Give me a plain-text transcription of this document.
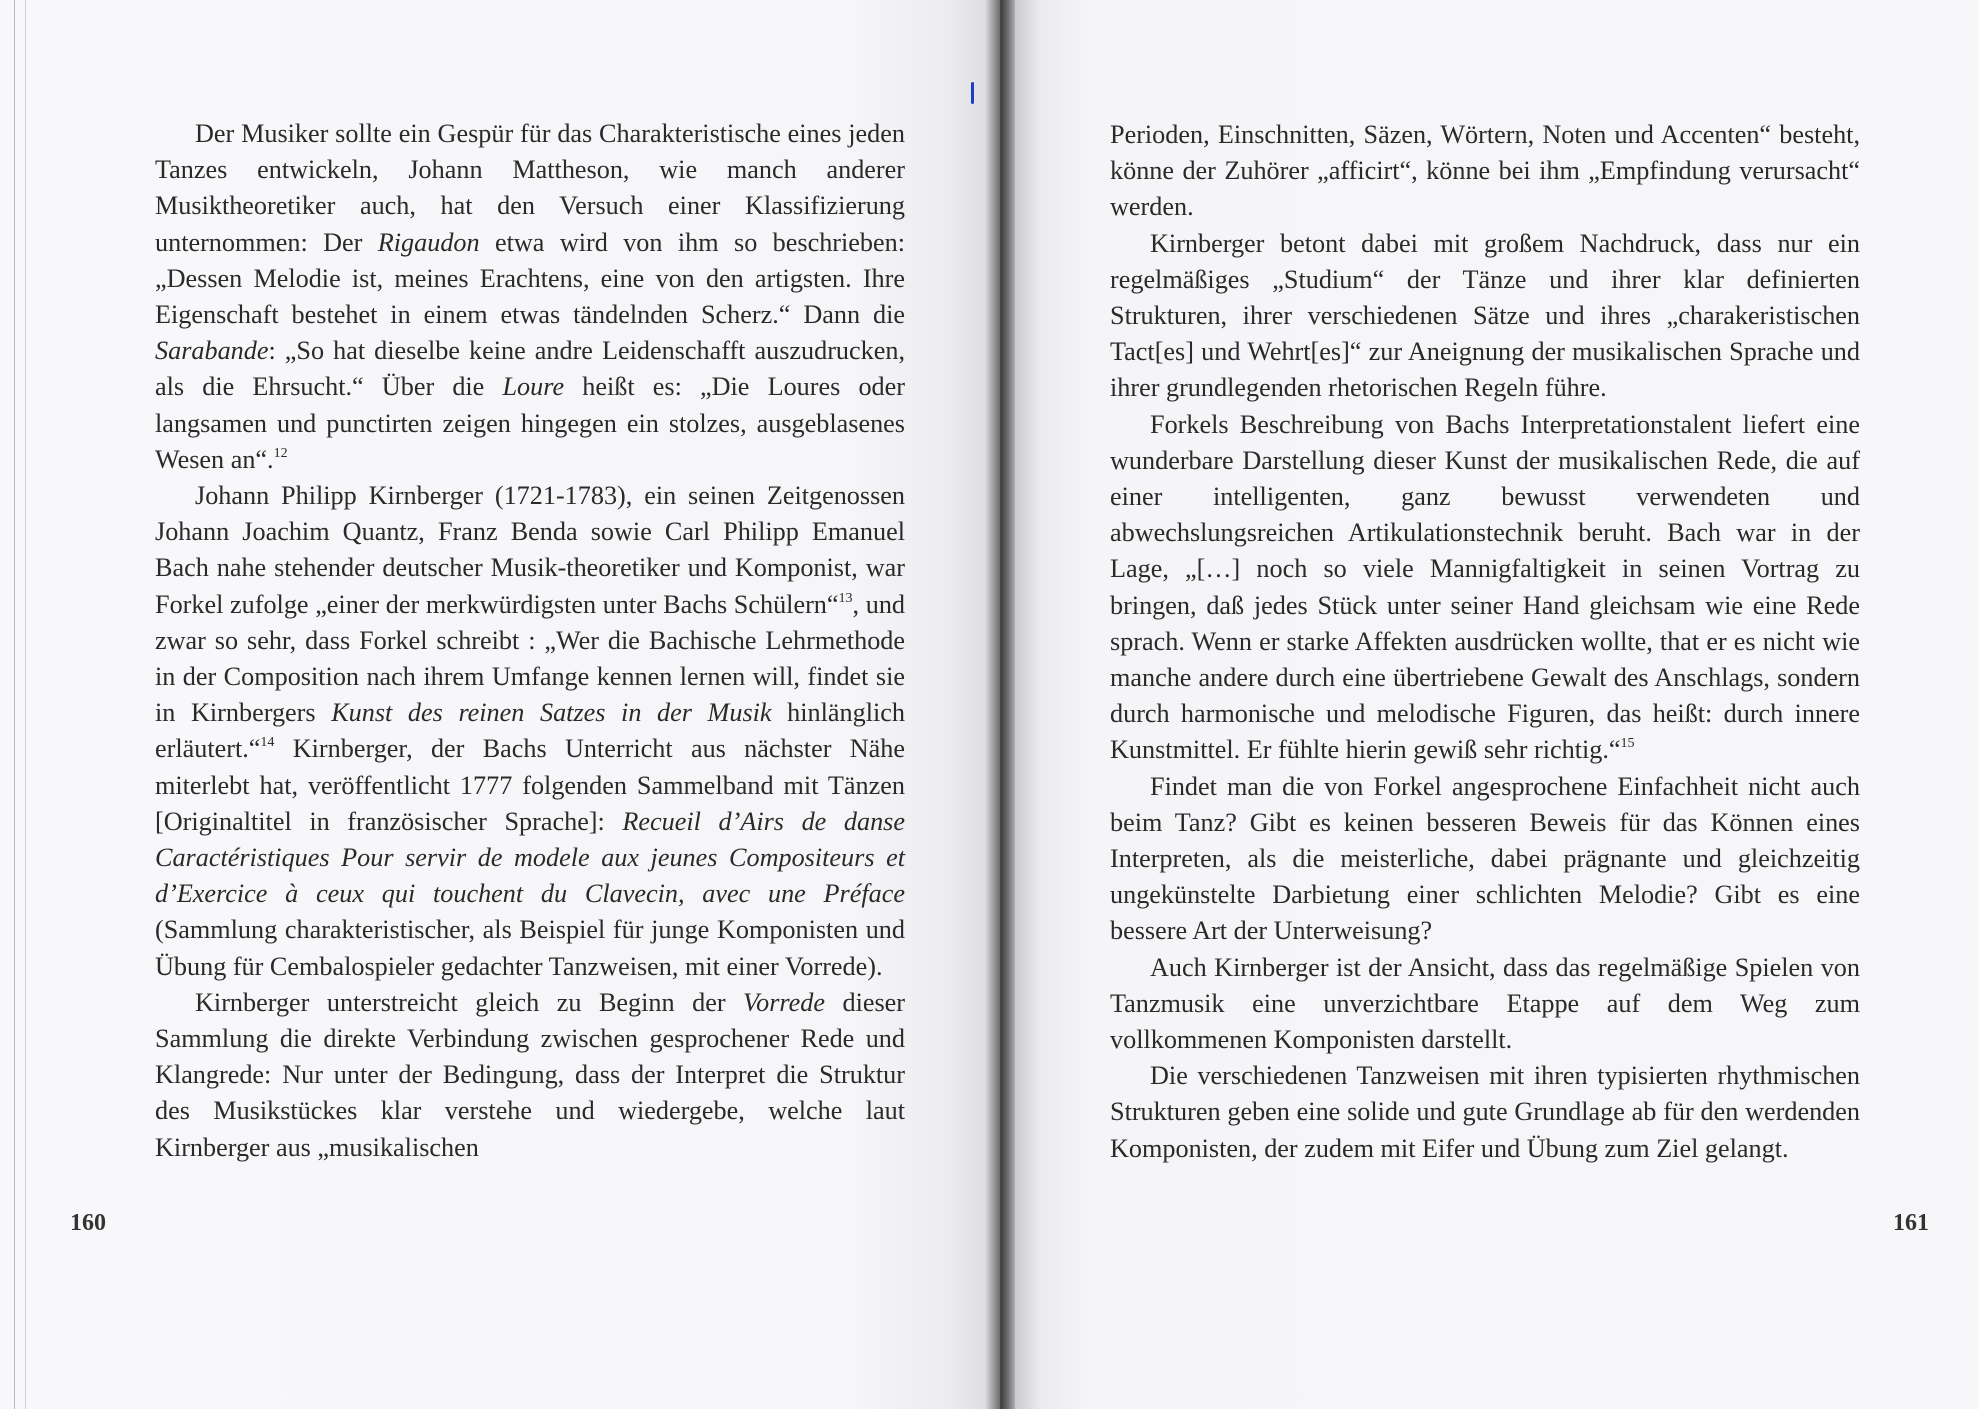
Der Musiker sollte ein Gespür für das Charakteristische eines jeden Tanzes entwickeln, Johann Mattheson, wie manch anderer Musiktheoretiker auch, hat den Versuch einer Klassifizierung unternommen: Der Rigaudon etwa wird von ihm so beschrieben: „Dessen Melodie ist, meines Erachtens, eine von den artigsten. Ihre Eigenschaft bestehet in einem etwas tändelnden Scherz.“ Dann die Sarabande: „So hat dieselbe keine andre Leidenschafft auszudrucken, als die Ehrsucht.“ Über die Loure heißt es: „Die Loures oder langsamen und punctirten zeigen hingegen ein stolzes, ausgeblasenes Wesen an“.$^{12}$

Johann Philipp Kirnberger (1721-1783), ein seinen Zeitgenossen Johann Joachim Quantz, Franz Benda sowie Carl Philipp Emanuel Bach nahe stehender deutscher Musik-theoretiker und Komponist, war Forkel zufolge „einer der merkwürdigsten unter Bachs Schülern“$^{13}$, und zwar so sehr, dass Forkel schreibt : „Wer die Bachische Lehrmethode in der Composition nach ihrem Umfange kennen lernen will, findet sie in Kirnbergers Kunst des reinen Satzes in der Musik hinlänglich erläutert.“$^{14}$ Kirnberger, der Bachs Unterricht aus nächster Nähe miterlebt hat, veröffentlicht 1777 folgenden Sammelband mit Tänzen [Originaltitel in französischer Sprache]: Recueil d’Airs de danse Caractéristiques Pour servir de modele aux jeunes Compositeurs et d’Exercice à ceux qui touchent du Clavecin, avec une Préface (Sammlung charakteristischer, als Beispiel für junge Komponisten und Übung für Cembalospieler gedachter Tanzweisen, mit einer Vorrede).

Kirnberger unterstreicht gleich zu Beginn der Vorrede dieser Sammlung die direkte Verbindung zwischen gesprochener Rede und Klangrede: Nur unter der Bedingung, dass der Interpret die Struktur des Musikstückes klar verstehe und wiedergebe, welche laut Kirnberger aus „musikalischen

160

Perioden, Einschnitten, Säzen, Wörtern, Noten und Accenten“ besteht, könne der Zuhörer „afficirt“, könne bei ihm „Empfindung verursacht“ werden.

Kirnberger betont dabei mit großem Nachdruck, dass nur ein regelmäßiges „Studium“ der Tänze und ihrer klar definierten Strukturen, ihrer verschiedenen Sätze und ihres „charakeristischen Tact[es] und Wehrt[es]“ zur Aneignung der musikalischen Sprache und ihrer grundlegenden rhetorischen Regeln führe.

Forkels Beschreibung von Bachs Interpretationstalent liefert eine wunderbare Darstellung dieser Kunst der musikalischen Rede, die auf einer intelligenten, ganz bewusst verwendeten und abwechslungsreichen Artikulationstechnik beruht. Bach war in der Lage, „[…] noch so viele Mannigfaltigkeit in seinen Vortrag zu bringen, daß jedes Stück unter seiner Hand gleichsam wie eine Rede sprach. Wenn er starke Affekten ausdrücken wollte, that er es nicht wie manche andere durch eine übertriebene Gewalt des Anschlags, sondern durch harmonische und melodische Figuren, das heißt: durch innere Kunstmittel. Er fühlte hierin gewiß sehr richtig.“$^{15}$

Findet man die von Forkel angesprochene Einfachheit nicht auch beim Tanz? Gibt es keinen besseren Beweis für das Können eines Interpreten, als die meisterliche, dabei prägnante und gleichzeitig ungekünstelte Darbietung einer schlichten Melodie? Gibt es eine bessere Art der Unterweisung?

Auch Kirnberger ist der Ansicht, dass das regelmäßige Spielen von Tanzmusik eine unverzichtbare Etappe auf dem Weg zum vollkommenen Komponisten darstellt.

Die verschiedenen Tanzweisen mit ihren typisierten rhythmischen Strukturen geben eine solide und gute Grundlage ab für den werdenden Komponisten, der zudem mit Eifer und Übung zum Ziel gelangt.

161
